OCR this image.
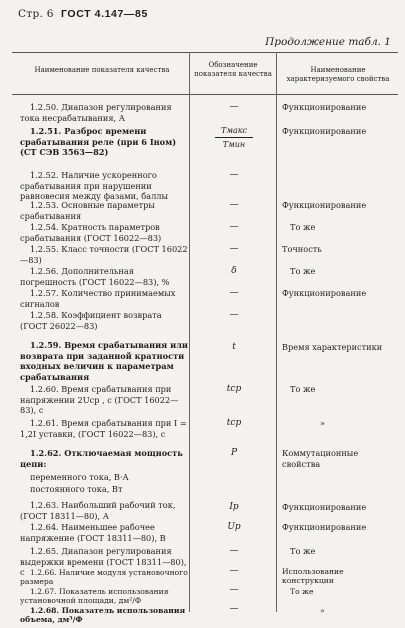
Стр. 6 ГОСТ 4.147—85
Продолжение табл. 1
Наименование показателя качества
Обозначение показателя качества	Наименование характеризуемого свойства
1.2.50. Диапазон регулирования тока несрабатывания, А
—	Функционирование
1.2.51. Разброс времени срабатывания реле (при 6 Iном) (СТ СЭВ 3563—82)
$\frac{\text{Tмакс}}{\text{Tмин}}$	Функционирование
1.2.52. Наличие ускоренного срабатывания при нарушении равновесия между фазами, баллы
—
1.2.53. Основные параметры срабатывания
—	Функционирование
1.2.54. Кратность параметров срабатывания (ГОСТ 16022—83)
—	То же
1.2.55. Класс точности (ГОСТ 16022—83)
—	Точность
1.2.56. Дополнительная погрешность (ГОСТ 16022—83), %
δ	То же
1.2.57. Количество принимаемых сигналов
—	Функционирование
1.2.58. Коэффициент возврата (ГОСТ 26022—83)
—
1.2.59. Время срабатывания или возврата при заданной кратности входных величин к параметрам срабатывания
t	Время характеристики
1.2.60. Время срабатывания при напряжении 2Uср , с (ГОСТ 16022—83), с
tср	То же
1.2.61. Время срабатывания при I = 1,2I уставки, (ГОСТ 16022—83), с
tср	»
1.2.62. Отключаемая мощность цепи:
P	Коммутационные свойства
переменного тока, В·А
постоянного тока, Вт
1.2.63. Наибольший рабочий ток, (ГОСТ 18311—80), А
Iр	Функционирование
1.2.64. Наименьшее рабочее напряжение (ГОСТ 18311—80), В
Uр	Функционирование
1.2.65. Диапазон регулирования выдержки времени (ГОСТ 18311—80), с
—	То же
1.2.66. Наличие модуля установочного размера
—	Использование конструкции
1.2.67. Показатель использования установочной площади, дм²/Ф
—	То же
1.2.68. Показатель использования объема, дм³/Ф
—	»
